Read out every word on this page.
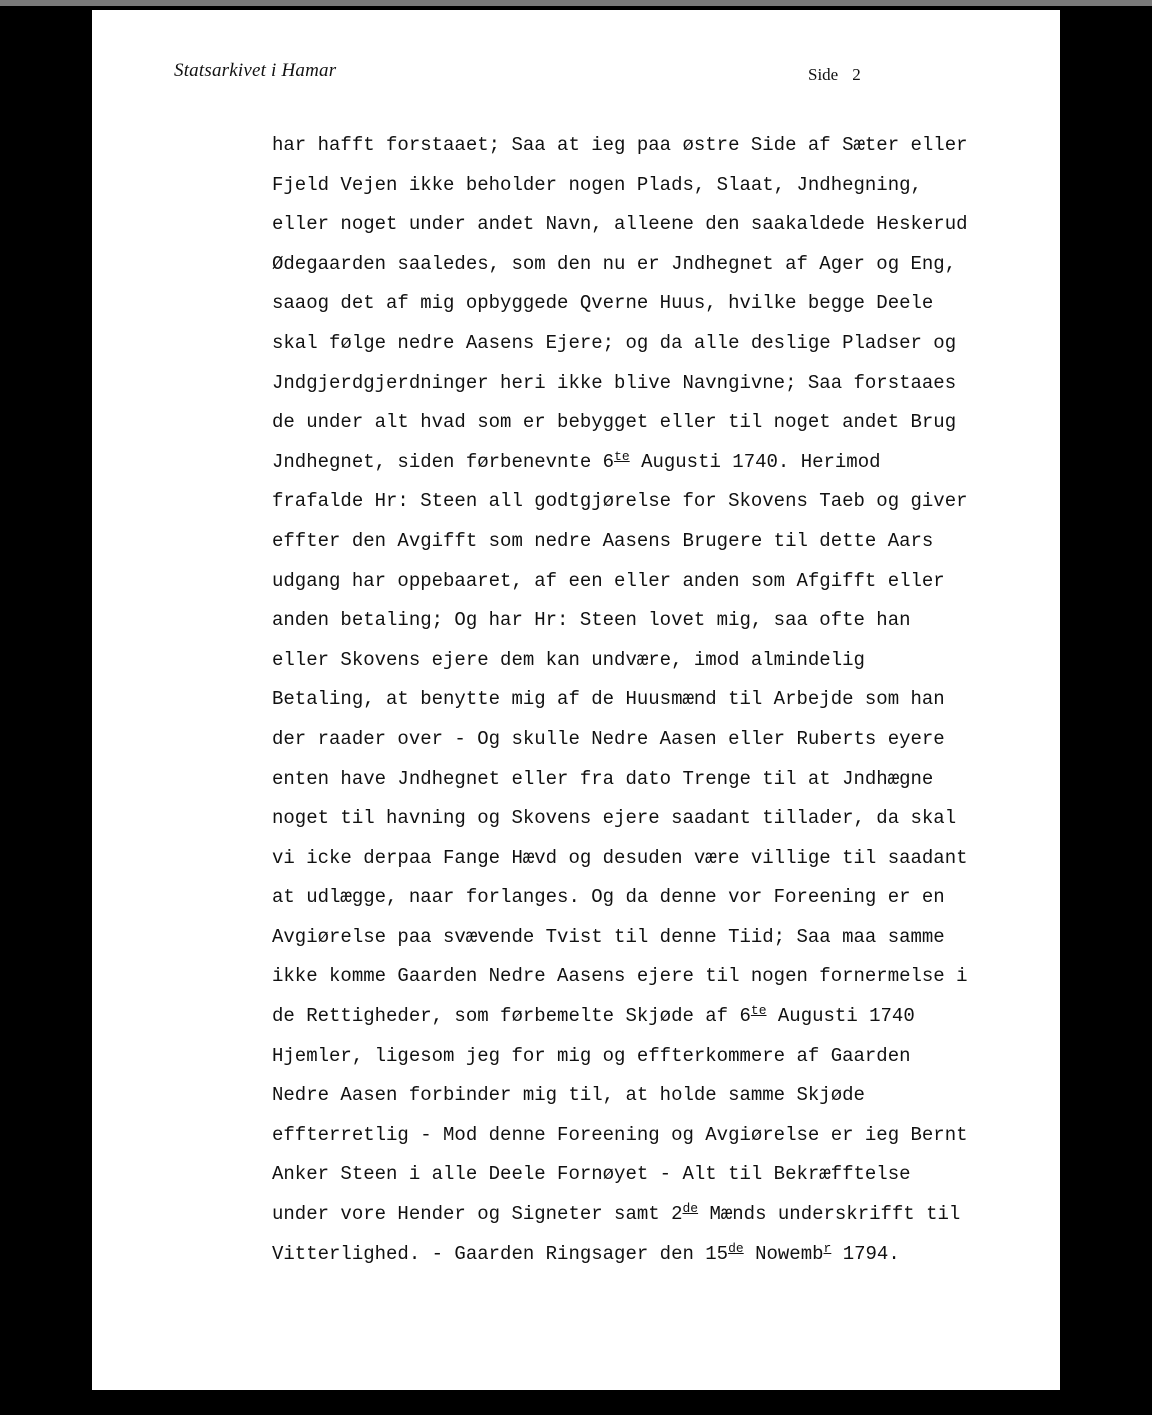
Statsarkivet i Hamar	Side 2
har hafft forstaaet; Saa at ieg paa østre Side af Sæter eller
Fjeld Vejen ikke beholder nogen Plads, Slaat, Jndhegning,
eller noget under andet Navn, alleene den saakaldede Heskerud
Ødegaarden saaledes, som den nu er Jndhegnet af Ager og Eng,
saaog det af mig opbyggede Qverne Huus, hvilke begge Deele
skal følge nedre Aasens Ejere; og da alle deslige Pladser og
Jndgjerdgjerdninger heri ikke blive Navngivne; Saa forstaaes
de under alt hvad som er bebygget eller til noget andet Brug
Jndhegnet, siden førbenevnte $6^{te}$ Augusti 1740. Herimod
frafalde Hr: Steen all godtgjørelse for Skovens Taeb og giver
effter den Avgifft som nedre Aasens Brugere til dette Aars
udgang har oppebaaret, af een eller anden som Afgifft eller
anden betaling; Og har Hr: Steen lovet mig, saa ofte han
eller Skovens ejere dem kan undvære, imod almindelig
Betaling, at benytte mig af de Huusmænd til Arbejde som han
der raader over - Og skulle Nedre Aasen eller Ruberts eyere
enten have Jndhegnet eller fra dato Trenge til at Jndhægne
noget til havning og Skovens ejere saadant tillader, da skal
vi icke derpaa Fange Hævd og desuden være villige til saadant
at udlægge, naar forlanges. Og da denne vor Foreening er en
Avgiørelse paa svævende Tvist til denne Tiid; Saa maa samme
ikke komme Gaarden Nedre Aasens ejere til nogen fornermelse i
de Rettigheder, som førbemelte Skjøde af $6^{te}$ Augusti 1740
Hjemler, ligesom jeg for mig og effterkommere af Gaarden
Nedre Aasen forbinder mig til, at holde samme Skjøde
effterretlig - Mod denne Foreening og Avgiørelse er ieg Bernt
Anker Steen i alle Deele Fornøyet - Alt til Bekræfftelse
under vore Hender og Signeter samt 2de Mænds underskrifft til
Vitterlighed. - Gaarden Ringsager den 15de Nowemb$^r$ 1794.
